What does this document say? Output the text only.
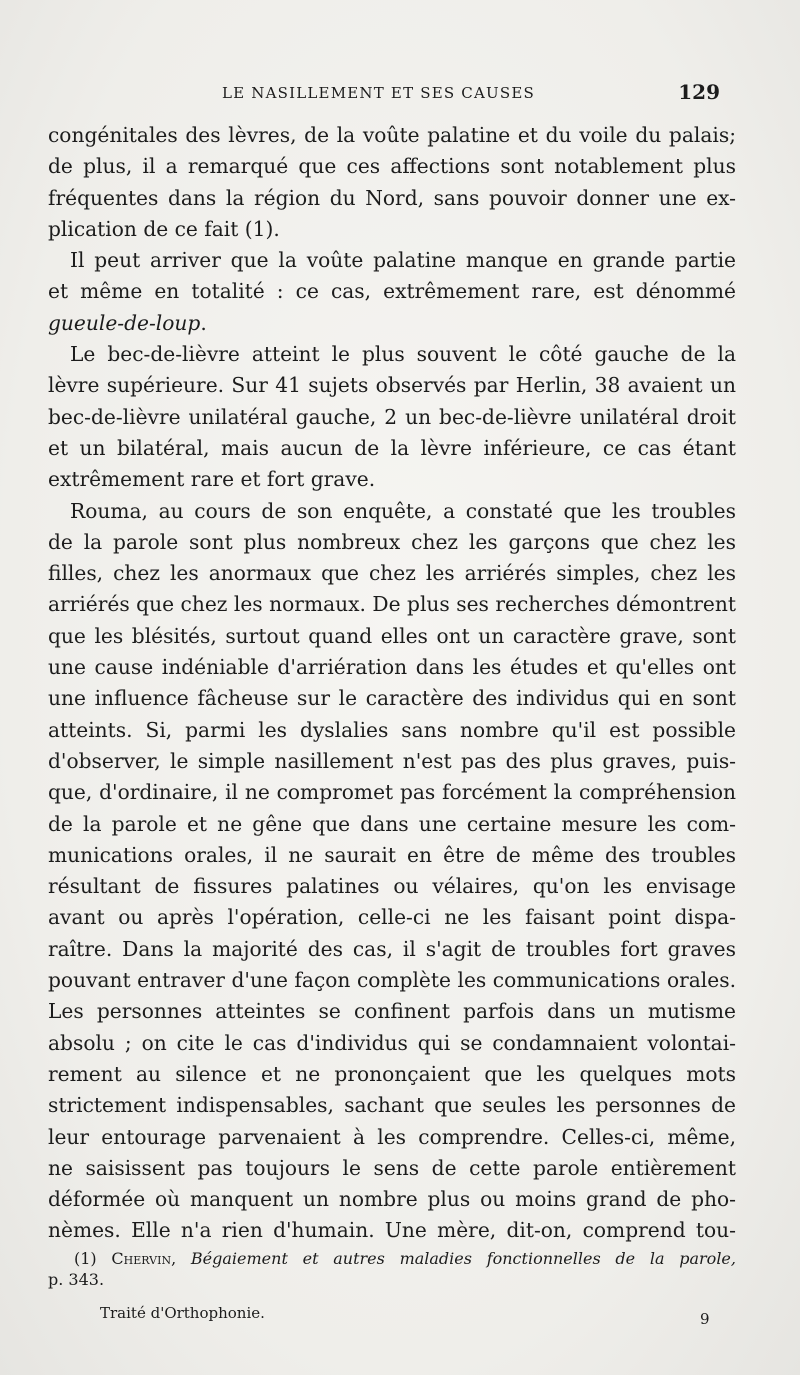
LE NASILLEMENT ET SES CAUSES	129

congénitales des lèvres, de la voûte palatine et du voile du palais;

de plus, il a remarqué que ces affections sont notablement plus

fréquentes dans la région du Nord, sans pouvoir donner une ex-

plication de ce fait (1).

Il peut arriver que la voûte palatine manque en grande partie

et même en totalité : ce cas, extrêmement rare, est dénommé

gueule-de-loup.

Le bec-de-lièvre atteint le plus souvent le côté gauche de la

lèvre supérieure. Sur 41 sujets observés par Herlin, 38 avaient un

bec-de-lièvre unilatéral gauche, 2 un bec-de-lièvre unilatéral droit

et un bilatéral, mais aucun de la lèvre inférieure, ce cas étant

extrêmement rare et fort grave.

Rouma, au cours de son enquête, a constaté que les troubles

de la parole sont plus nombreux chez les garçons que chez les

filles, chez les anormaux que chez les arriérés simples, chez les

arriérés que chez les normaux. De plus ses recherches démontrent

que les blésités, surtout quand elles ont un caractère grave, sont

une cause indéniable d'arriération dans les études et qu'elles ont

une influence fâcheuse sur le caractère des individus qui en sont

atteints. Si, parmi les dyslalies sans nombre qu'il est possible

d'observer, le simple nasillement n'est pas des plus graves, puis-

que, d'ordinaire, il ne compromet pas forcément la compréhension

de la parole et ne gêne que dans une certaine mesure les com-

munications orales, il ne saurait en être de même des troubles

résultant de fissures palatines ou vélaires, qu'on les envisage

avant ou après l'opération, celle-ci ne les faisant point dispa-

raître. Dans la majorité des cas, il s'agit de troubles fort graves

pouvant entraver d'une façon complète les communications orales.

Les personnes atteintes se confinent parfois dans un mutisme

absolu ; on cite le cas d'individus qui se condamnaient volontai-

rement au silence et ne prononçaient que les quelques mots

strictement indispensables, sachant que seules les personnes de

leur entourage parvenaient à les comprendre. Celles-ci, même,

ne saisissent pas toujours le sens de cette parole entièrement

déformée où manquent un nombre plus ou moins grand de pho-

nèmes. Elle n'a rien d'humain. Une mère, dit-on, comprend tou-

(1) Chervin, Bégaiement et autres maladies fonctionnelles de la parole,
p. 343.
Traité d'Orthophonie.	9
